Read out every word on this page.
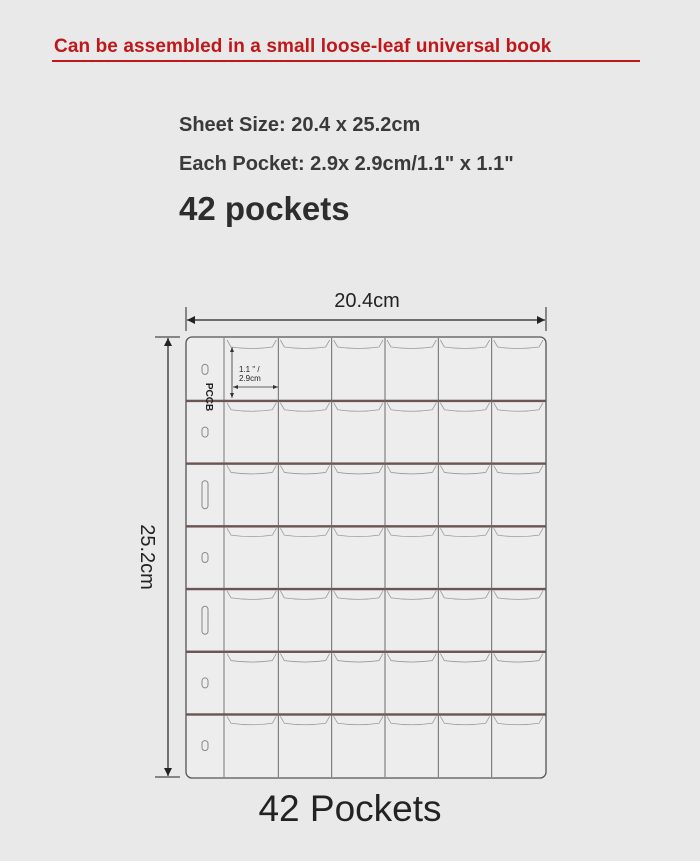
Can be assembled in a small loose-leaf universal book
Sheet Size: 20.4 x 25.2cm
Each Pocket: 2.9x 2.9cm/1.1" x 1.1"
42 pockets
20.4cm
25.2cm
PCCB
1.1 " /
2.9cm
42 Pockets
